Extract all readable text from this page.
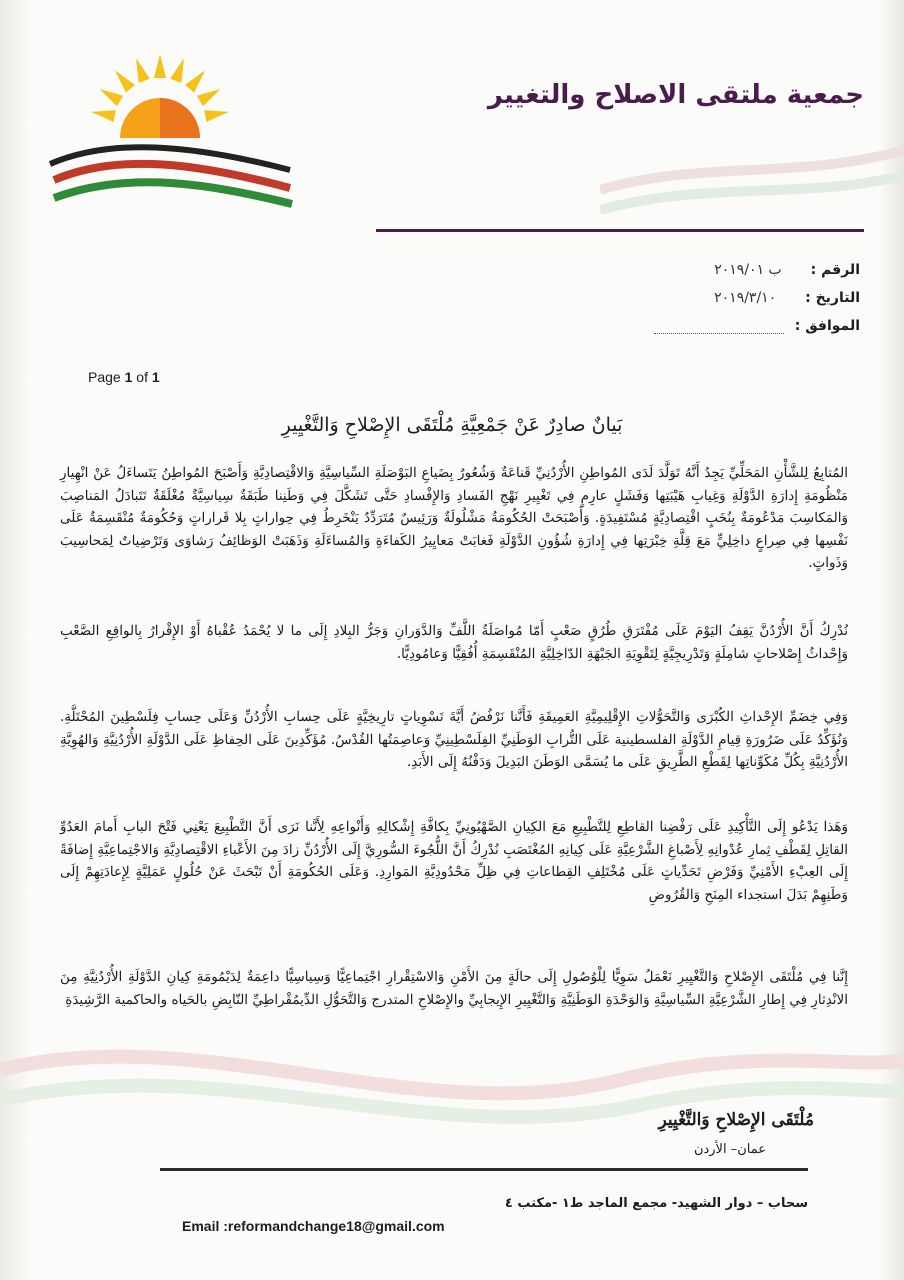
جمعية ملتقى الاصلاح والتغيير
الرقم : ب ٢٠١٩/٠١
التاريخ : ٢٠١٩/٣/١٠
الموافق :
Page 1 of 1
بَيانٌ صادِرٌ عَنْ جَمْعِيَّةِ مُلْتَقَى الإِصْلاحِ وَالتَّغْيِيرِ
المُتابِعُ لِلشَّأْنِ المَحَلِّيِّ يَجِدُ أَنَّهُ تَوَلَّدَ لَدَى المُواطِنِ الأُرْدُنِيِّ قَناعَةٌ وَشُعُورٌ بِضَياعِ البَوْصَلَةِ السِّياسِيَّةِ وَالاقْتِصادِيَّةِ وَأَصْبَحَ المُواطِنُ يَتَساءَلُ عَنْ انْهِيارِ مَنْظُومَةِ إِدارَةِ الدَّوْلَةِ وَغِيابِ هَيْبَتِها وَفَشَلٍ عارِمٍ فِي تَغْيِيرِ نَهْجِ الفَسادِ وَالإِفْسادِ حَتَّى تَشَكَّلَ فِي وَطَنِنا طَبَقَةٌ سِياسِيَّةٌ مُغْلَقَةٌ تَتَبادَلُ المَناصِبَ وَالمَكاسِبَ مَدْعُومَةٌ بِنُخَبٍ اقْتِصادِيَّةٍ مُسْتَفِيدَةٍ. وَأَصْبَحَتْ الحُكُومَةُ مَشْلُولَةٌ وَرَئِيسٌ مُتَرَدِّدٌ يَنْخَرِطُ فِي حِواراتٍ بِلا قَراراتٍ وَحُكُومَةٌ مُنْقَسِمَةٌ عَلَى نَفْسِها فِي صِراعٍ داخِلِيٍّ مَعَ قِلَّةِ خِبْرَتِها فِي إِدارَةِ شُؤُونِ الدَّوْلَةِ فَغابَتْ مَعايِيرُ الكَفاءَةِ وَالمُساءَلَةِ وَذَهَبَتْ الوَظائِفُ رَشاوَى وَتَرْضِياتٌ لِمَحاسِيبَ وَذَواتٍ.
نُدْرِكُ أَنَّ الأُرْدُنَّ يَقِفُ اليَوْمَ عَلَى مُفْتَرَقِ طُرُقٍ صَعْبٍ أَمّا مُواصَلَةُ اللَّفِّ وَالدَّوَرانِ وَجَرُّ البِلادِ إِلَى ما لا يُحْمَدُ عُقْباهُ أَوْ الإِقْرارُ بِالواقِعِ الصَّعْبِ وَإِحْداثُ إِصْلاحاتٍ شامِلَةٍ وَتَدْرِيجِيَّةٍ لِتَقْوِيَةِ الجَبْهَةِ الدّاخِلِيَّةِ المُنْقَسِمَةِ أُفُقِيًّا وَعامُودِيًّا.
وَفِي خِضَمِّ الإِحْداثِ الكُبْرَى وَالتَّحَوُّلاتِ الإِقْلِيمِيَّةِ العَمِيقَةِ فَأَنَّنا نَرْفُضُ أَيَّةَ تَسْوِياتٍ تارِيخِيَّةٍ عَلَى حِسابِ الأُرْدُنِّ وَعَلَى حِسابِ فِلَسْطِينَ المُحْتَلَّةِ. وَنُؤَكِّدُ عَلَى ضَرُورَةِ قِيامِ الدَّوْلَةِ الفلسطينية عَلَى التُّرابِ الوَطَنِيِّ الفِلَسْطِينِيِّ وَعاصِمَتُها القُدْسُ. مُؤَكِّدِينَ عَلَى الحِفاظِ عَلَى الدَّوْلَةِ الأُرْدُنِيَّةِ وَالهُوِيَّةِ الأُرْدُنِيَّةِ بِكُلِّ مُكَوِّناتِها لِقَطْعِ الطَّرِيقِ عَلَى ما يُسَمَّى الوَطَنَ البَدِيلَ وَدَفْنُهُ إِلَى الأَبَدِ.
وَهَذا يَدْعُو إِلَى التَّأْكِيدِ عَلَى رَفْضِنا القاطِعِ لِلتَّطْبِيعِ مَعَ الكِيانِ الصَّهْيُونِيِّ بِكافَّةِ إِشْكالِهِ وَأَنْواعِهِ لِأَنَّنا نَرَى أَنَّ التَّطْبِيعَ يَعْنِي فَتْحَ البابِ أَمامَ العَدُوِّ القاتِلِ لِقَطْفِ ثِمارِ عُدْوانِهِ لِأَصْباغِ الشَّرْعِيَّةِ عَلَى كِيانِهِ المُغْتَصَبِ نُدْرِكُ أَنَّ اللُّجُوءَ السُّورِيَّ إِلَى الأُرْدُنِّ زادَ مِنَ الأَعْباءِ الاقْتِصادِيَّةِ وَالاجْتِماعِيَّةِ إِضافَةً إِلَى العِبْءِ الأَمْنِيِّ وَفَرْضِ تَحَدِّياتٍ عَلَى مُخْتَلِفِ القِطاعاتِ فِي ظِلِّ مَحْدُودِيَّةِ المَوارِدِ. وَعَلَى الحُكُومَةِ أَنْ تَبْحَثَ عَنْ حُلُولٍ عَمَلِيَّةٍ لِإِعادَتِهِمْ إِلَى وَطَنِهِمْ بَدَلَ استجداء المِنَحِ وَالقُرُوضِ
إِنَّنا فِي مُلْتَقَى الإِصْلاحِ وَالتَّغْيِيرِ نَعْمَلُ سَوِيًّا لِلْوُصُولِ إِلَى حالَةٍ مِنَ الأَمْنِ وَالاسْتِقْرارِ اجْتِماعِيًّا وَسِياسِيًّا داعِمَةٌ لِدَيْمُومَةِ كِيانِ الدَّوْلَةِ الأُرْدُنِيَّةِ مِنَ الانْدِثارِ فِي إِطارِ الشَّرْعِيَّةِ السِّياسِيَّةِ وَالوَحْدَةِ الوَطَنِيَّةِ وَالتَّغْيِيرِ الإِيجابِيِّ والإِصْلاحِ المتدرج وَالتَّحَوُّلِ الدِّيمُقْراطِيِّ النّابِضِ بالحَياه والحاكمية الرَّشِيدَةِ
مُلْتَقَى الإِصْلاحِ وَالتَّغْيِيرِ
عمان– الأردن
سحاب – دوار الشهيد- مجمع الماجد ط١ -مكتب ٤
Email :reformandchange18@gmail.com
